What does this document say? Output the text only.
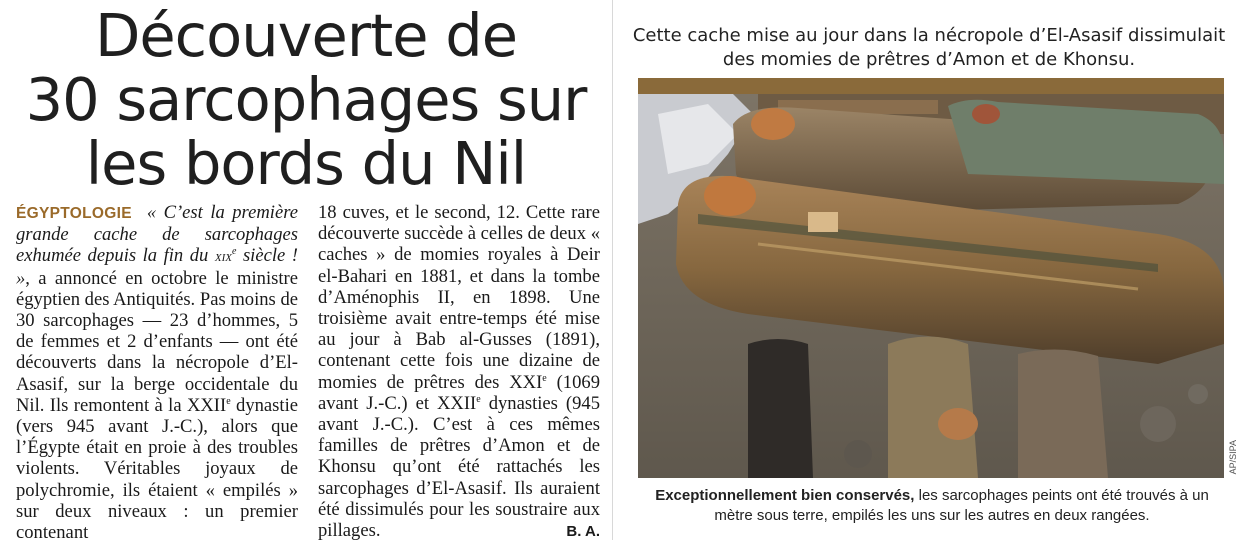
Découverte de
30 sarcophages sur
les bords du Nil

ÉGYPTOLOGIE « C’est la première grande cache de sarcophages exhumée depuis la fin du xix$^e$ siècle ! », a annoncé en octobre le ministre égyptien des Antiquités. Pas moins de 30 sarcophages — 23 d’hommes, 5 de femmes et 2 d’enfants — ont été découverts dans la nécropole d’El-Asasif, sur la berge occidentale du Nil. Ils remontent à la XXIIe dynastie (vers 945 avant J.-C.), alors que l’Égypte était en proie à des troubles violents. Véritables joyaux de polychromie, ils étaient « empilés » sur deux niveaux : un premier contenant

18 cuves, et le second, 12. Cette rare découverte succède à celles de deux « caches » de momies royales à Deir el-Bahari en 1881, et dans la tombe d’Aménophis II, en 1898. Une troisième avait entre-temps été mise au jour à Bab al-Gusses (1891), contenant cette fois une dizaine de momies de prêtres des XXIe (1069 avant J.-C.) et XXIIe dynasties (945 avant J.-C.). C’est à ces mêmes familles de prêtres d’Amon et de Khonsu qu’ont été rattachés les sarcophages d’El-Asasif. Ils auraient été dissimulés pour les soustraire aux pillages.	B. A.

Cette cache mise au jour dans la nécropole d’El-Asasif dissimulait des momies de prêtres d’Amon et de Khonsu.
AP/SIPA
Exceptionnellement bien conservés, les sarcophages peints ont été trouvés à un mètre sous terre, empilés les uns sur les autres en deux rangées.
